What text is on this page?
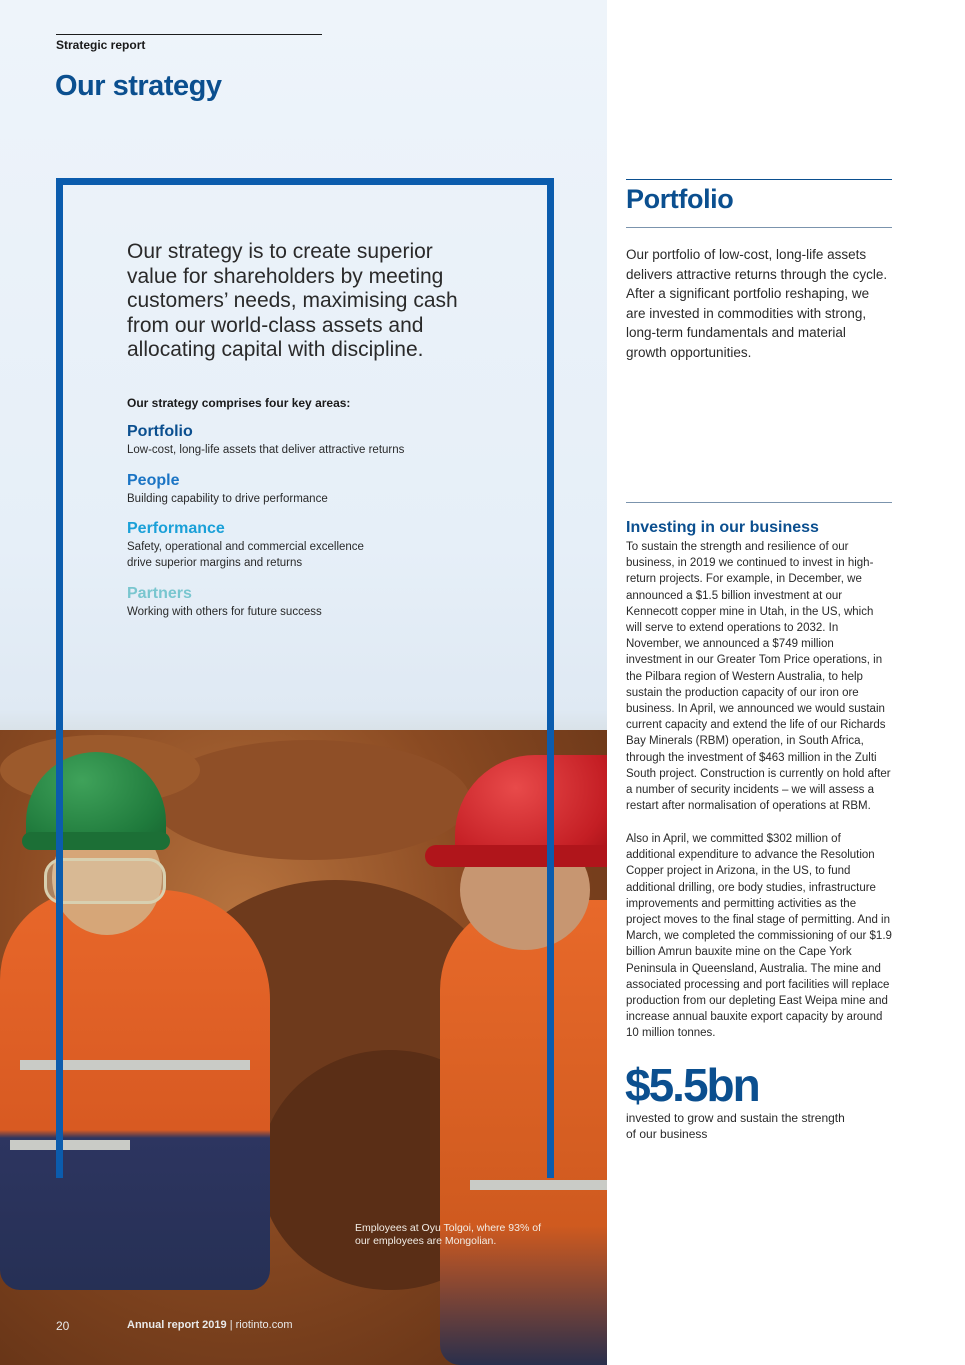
Strategic report
Our strategy
Our strategy is to create superior value for shareholders by meeting customers’ needs, maximising cash from our world-class assets and allocating capital with discipline.
Our strategy comprises four key areas:
Portfolio
Low-cost, long-life assets that deliver attractive returns
People
Building capability to drive performance
Performance
Safety, operational and commercial excellence drive superior margins and returns
Partners
Working with others for future success
Employees at Oyu Tolgoi, where 93% of our employees are Mongolian.
20	Annual report 2019 | riotinto.com
Portfolio
Our portfolio of low-cost, long-life assets delivers attractive returns through the cycle. After a significant portfolio reshaping, we are invested in commodities with strong, long-term fundamentals and material growth opportunities.
Investing in our business
To sustain the strength and resilience of our business, in 2019 we continued to invest in high-return projects. For example, in December, we announced a $1.5 billion investment at our Kennecott copper mine in Utah, in the US, which will serve to extend operations to 2032. In November, we announced a $749 million investment in our Greater Tom Price operations, in the Pilbara region of Western Australia, to help sustain the production capacity of our iron ore business. In April, we announced we would sustain current capacity and extend the life of our Richards Bay Minerals (RBM) operation, in South Africa, through the investment of $463 million in the Zulti South project. Construction is currently on hold after a number of security incidents – we will assess a restart after normalisation of operations at RBM.
Also in April, we committed $302 million of additional expenditure to advance the Resolution Copper project in Arizona, in the US, to fund additional drilling, ore body studies, infrastructure improvements and permitting activities as the project moves to the final stage of permitting. And in March, we completed the commissioning of our $1.9 billion Amrun bauxite mine on the Cape York Peninsula in Queensland, Australia. The mine and associated processing and port facilities will replace production from our depleting East Weipa mine and increase annual bauxite export capacity by around 10 million tonnes.
$5.5bn
invested to grow and sustain the strength of our business
